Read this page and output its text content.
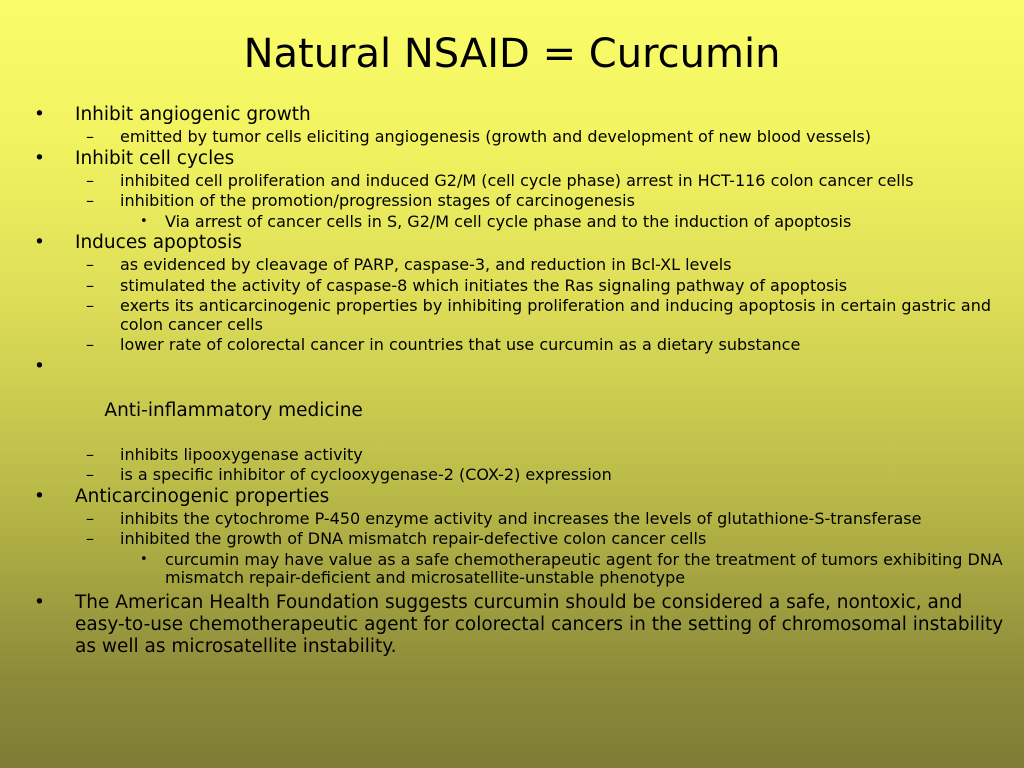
Natural NSAID = Curcumin
• Inhibit angiogenic growth
– emitted by tumor cells eliciting angiogenesis (growth and development of new blood vessels)
• Inhibit cell cycles
– inhibited cell proliferation and induced G2/M (cell cycle phase) arrest in HCT-116 colon cancer cells
– inhibition of the promotion/progression stages of carcinogenesis
• Via arrest of cancer cells in S, G2/M cell cycle phase and to the induction of apoptosis
• Induces apoptosis
– as evidenced by cleavage of PARP, caspase-3, and reduction in Bcl-XL levels
– stimulated the activity of caspase-8 which initiates the Ras signaling pathway of apoptosis
– exerts its anticarcinogenic properties by inhibiting proliferation and inducing apoptosis in certain gastric and colon cancer cells
– lower rate of colorectal cancer in countries that use curcumin as a dietary substance

•

Anti-inflammatory medicine

– inhibits lipooxygenase activity
– is a specific inhibitor of cyclooxygenase-2 (COX-2) expression
• Anticarcinogenic properties
– inhibits the cytochrome P-450 enzyme activity and increases the levels of glutathione-S-transferase
– inhibited the growth of DNA mismatch repair-defective colon cancer cells
• curcumin may have value as a safe chemotherapeutic agent for the treatment of tumors exhibiting DNA mismatch repair-deficient and microsatellite-unstable phenotype
• The American Health Foundation suggests curcumin should be considered a safe, nontoxic, and easy-to-use chemotherapeutic agent for colorectal cancers in the setting of chromosomal instability as well as microsatellite instability.
